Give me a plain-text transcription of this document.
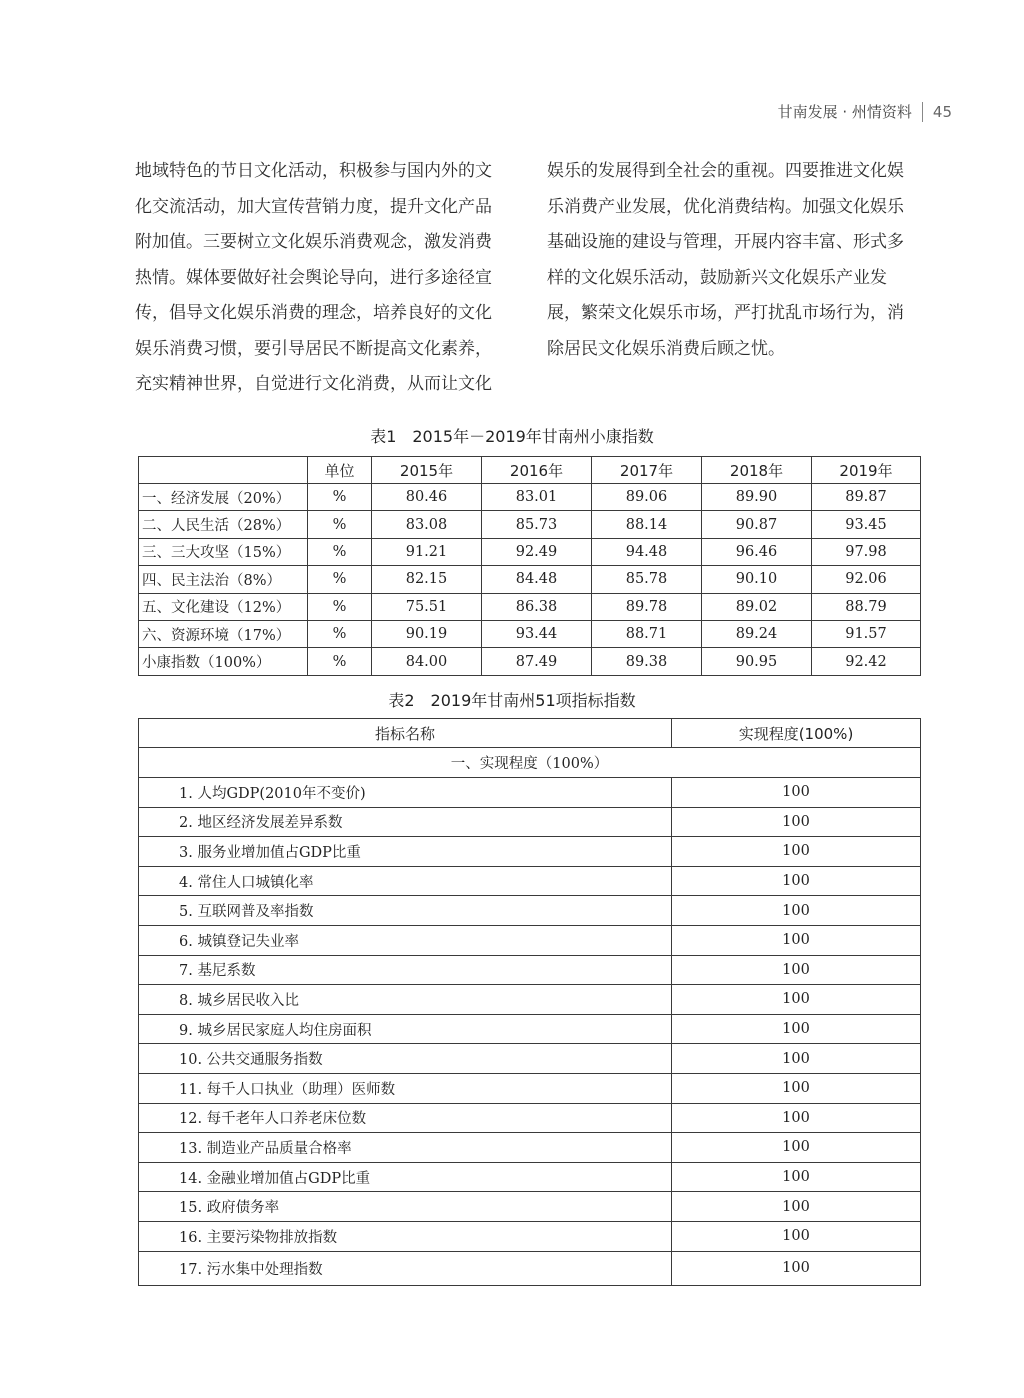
甘南发展 · 州情资料 45
地域特色的节日文化活动，积极参与国内外的文
化交流活动，加大宣传营销力度，提升文化产品
附加值。三要树立文化娱乐消费观念，激发消费
热情。媒体要做好社会舆论导向，进行多途径宣
传，倡导文化娱乐消费的理念，培养良好的文化
娱乐消费习惯，要引导居民不断提高文化素养，
充实精神世界，自觉进行文化消费，从而让文化
娱乐的发展得到全社会的重视。四要推进文化娱
乐消费产业发展，优化消费结构。加强文化娱乐
基础设施的建设与管理，开展内容丰富、形式多
样的文化娱乐活动，鼓励新兴文化娱乐产业发
展，繁荣文化娱乐市场，严打扰乱市场行为，消
除居民文化娱乐消费后顾之忧。
表1　2015年－2019年甘南州小康指数
	单位	2015年	2016年	2017年	2018年	2019年
一、经济发展（20%）	%	80.46	83.01	89.06	89.90	89.87
二、人民生活（28%）	%	83.08	85.73	88.14	90.87	93.45
三、三大攻坚（15%）	%	91.21	92.49	94.48	96.46	97.98
四、民主法治（8%）	%	82.15	84.48	85.78	90.10	92.06
五、文化建设（12%）	%	75.51	86.38	89.78	89.02	88.79
六、资源环境（17%）	%	90.19	93.44	88.71	89.24	91.57
小康指数（100%）	%	84.00	87.49	89.38	90.95	92.42
表2　2019年甘南州51项指标指数
指标名称	实现程度(100%)
一、实现程度（100%）	
1. 人均GDP(2010年不变价)	100
2. 地区经济发展差异系数	100
3. 服务业增加值占GDP比重	100
4. 常住人口城镇化率	100
5. 互联网普及率指数	100
6. 城镇登记失业率	100
7. 基尼系数	100
8. 城乡居民收入比	100
9. 城乡居民家庭人均住房面积	100
10. 公共交通服务指数	100
11. 每千人口执业（助理）医师数	100
12. 每千老年人口养老床位数	100
13. 制造业产品质量合格率	100
14. 金融业增加值占GDP比重	100
15. 政府债务率	100
16. 主要污染物排放指数	100
17. 污水集中处理指数	100
